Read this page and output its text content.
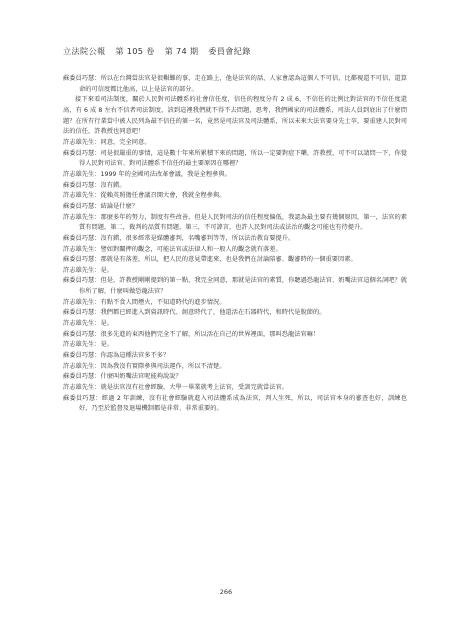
立法院公報 第 105 卷 第 74 期 委員會紀錄

蘇委員巧慧：所以在台灣當法官是很艱難的事，走在路上，他是法官的話，人家會認為這個人不可信，比鄰視還不可信，還算命的可信度都比他高，以上是法官的部分。

接下來看司法制度，關於人民對司法體系的社會信任度，信任的程度分有 2 成 6，不信任的比例比對法官的不信任度還高，有 6 成 8 左右不信者司法制度，該到這裡我們就不得不去問題，思考，我們國家的司法體系，司法人員到底出了什麼問題？在所有行業當中被人民列為最不信任的第一名，竟然是司法官及司法體系，所以未來大法官要身先士卒，要重建人民對司法的信任，許教授也同意吧！

許志雄先生：同意，完全同意。

蘇委員巧慧：司是很嚴重的事情，這是數十年來所累積下來的問題，所以一定要對症下藥，許教授，可不可以請問一下，你覺得人民對司法官、對司法體系不信任的最主要原因在哪裡？

許志雄先生：1999 年的全國司法改革會議，我是全程參與。

蘇委員巧慧：沒有錯。

許志雄先生：從賴英照擔任會議召開大會，我就全程參與。

蘇委員巧慧：結論是什麼？

許志雄先生：那麼多年的努力，制度有些改善，但是人民對司法的信任程度偏低，我認為最主要有幾個原因，第一，法官的素質有問題，第二，裁判的品質有問題，第三，不可諱言，也許人民對司法或法治的觀念可能也有待提升。

蘇委員巧慧：沒有錯，很多經常是媒體審判，名嘴審判等等，所以法治教育要提升。

許志雄先生：譬如對關押的觀念，可能法官或法律人和一般人的觀念就有落差。

蘇委員巧慧：那就是有落差，所以，把人民的意見帶進來，也是我們在討論陪審、觀審時的一個重要因素。

許志雄先生：是。

蘇委員巧慧：但是，許教授剛剛提到的第一點，我完全同意，那就是法官的素質，你聽過恐龍法官、奶嘴法官這個名詞吧？就你所了解，什麼叫做恐龍法官？

許志雄先生：有點不食人間煙火，不知道時代的進步情況。

蘇委員巧慧：我們都已經進入到資訊時代、創意時代了，他還活在石器時代，和時代是脫節的。

許志雄先生：是。

蘇委員巧慧：很多先進的東西他們完全不了解，所以活在自己的世界裡面，那叫恐龍法官嘛！

許志雄先生：是。

蘇委員巧慧：你認為這種法官多不多？

許志雄先生：因為我沒有實際參與司法運作，所以不清楚。

蘇委員巧慧：什麼叫奶嘴法官呢能夠說說？

許志雄先生：就是法官沒有社會經驗，大學一畢業就考上法官，受訓完就當法官。

蘇委員巧慧：經過 2 年訓練，沒有社會經驗就進入司法體系成為法官，判人生死，所以，司法官本身的審查也好，訓練也好，乃至於監督及退場機制都是非常、非常重要的。

266
